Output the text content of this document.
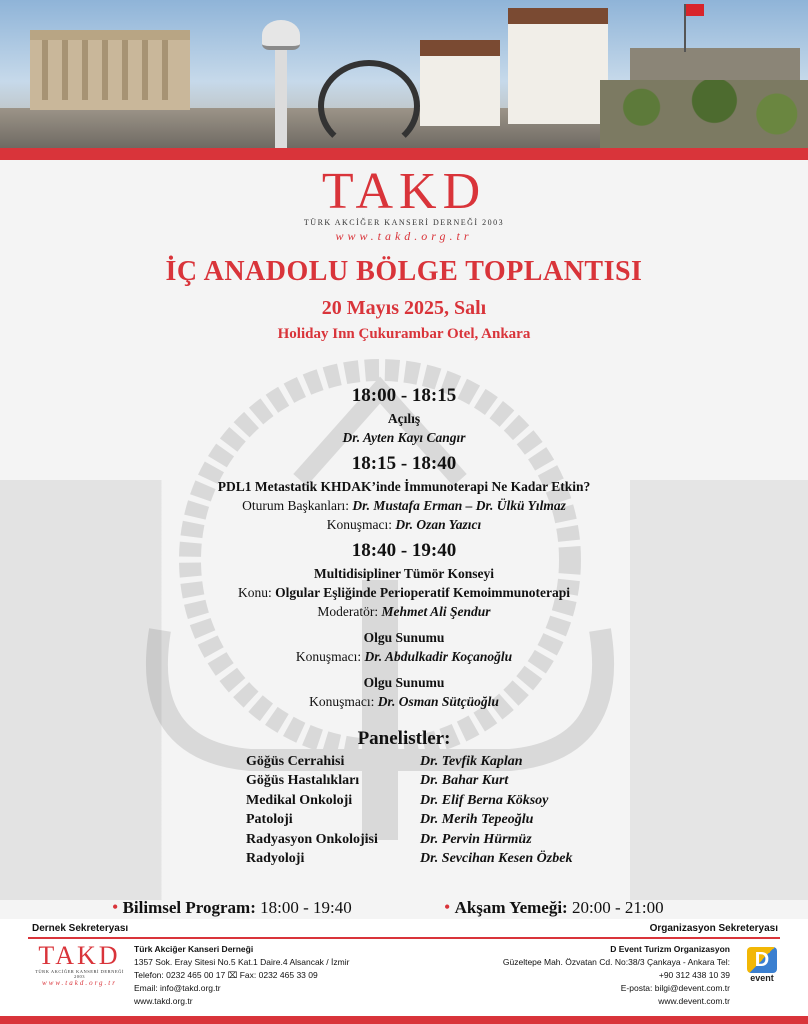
TAKD
TÜRK AKCİĞER KANSERİ DERNEĞİ 2003
www.takd.org.tr
İÇ ANADOLU BÖLGE TOPLANTISI
20 Mayıs 2025, Salı
Holiday Inn Çukurambar Otel, Ankara
18:00 - 18:15
Açılış
Dr. Ayten Kayı Cangır
18:15 - 18:40
PDL1 Metastatik KHDAK’inde İmmunoterapi Ne Kadar Etkin?
Oturum Başkanları: Dr. Mustafa Erman – Dr. Ülkü Yılmaz
Konuşmacı: Dr. Ozan Yazıcı
18:40 - 19:40
Multidisipliner Tümör Konseyi
Konu: Olgular Eşliğinde Perioperatif Kemoimmunoterapi
Moderatör: Mehmet Ali Şendur
Olgu Sunumu
Konuşmacı: Dr. Abdulkadir Koçanoğlu
Olgu Sunumu
Konuşmacı: Dr. Osman Sütçüoğlu
Panelistler:
Göğüs Cerrahisi	Dr. Tevfik Kaplan
Göğüs Hastalıkları	Dr. Bahar Kurt
Medikal Onkoloji	Dr. Elif Berna Köksoy
Patoloji	Dr. Merih Tepeoğlu
Radyasyon Onkolojisi	Dr. Pervin Hürmüz
Radyoloji	Dr. Sevcihan Kesen Özbek
• Bilimsel Program: 18:00 - 19:40	• Akşam Yemeği: 20:00 - 21:00
Dernek Sekreteryası	Organizasyon Sekreteryası
TAKD
TÜRK AKCİĞER KANSERİ DERNEĞİ 2003
www.takd.org.tr
Türk Akciğer Kanseri Derneği
1357 Sok. Eray Sitesi No.5 Kat.1 Daire.4 Alsancak / İzmir
Telefon: 0232 465 00 17 ⌧ Fax: 0232 465 33 09
Email: info@takd.org.tr
www.takd.org.tr
D Event Turizm Organizasyon
Güzeltepe Mah. Özvatan Cd. No:38/3 Çankaya - Ankara Tel:
+90 312 438 10 39
E-posta: bilgi@devent.com.tr
www.devent.com.tr
D
event
